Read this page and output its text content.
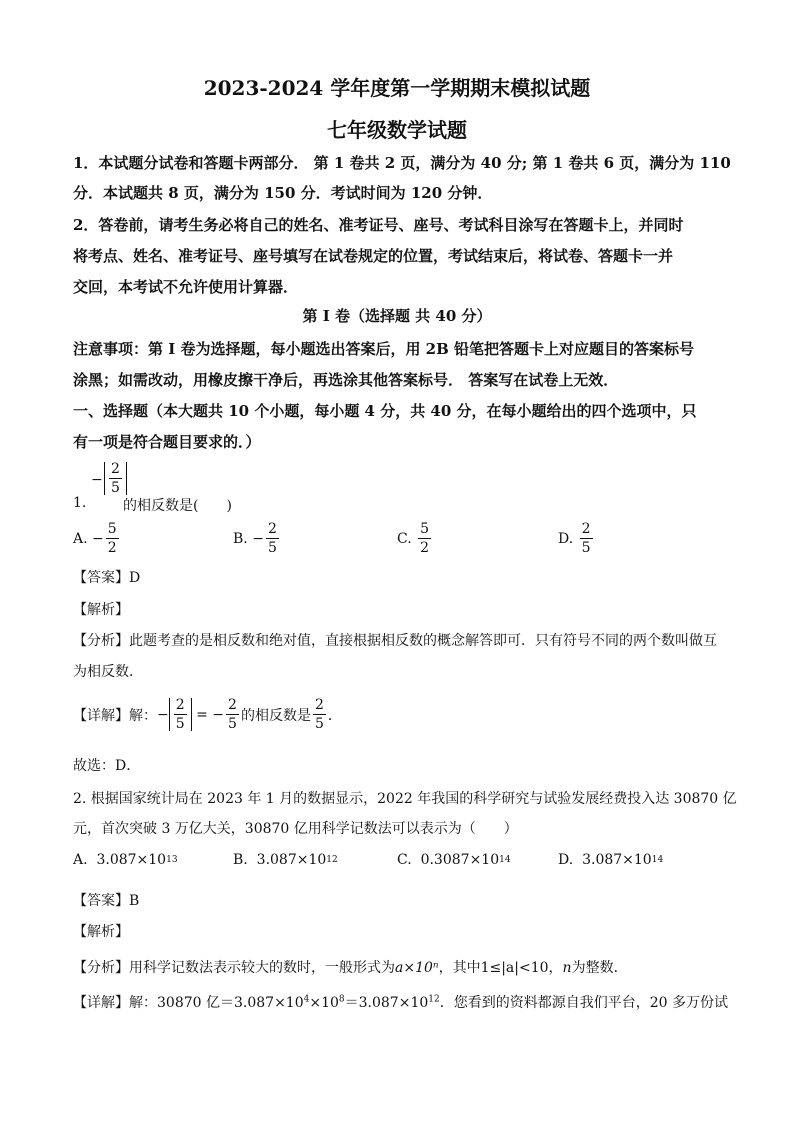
2023-2024 学年度第一学期期末模拟试题
七年级数学试题
1．本试题分试卷和答题卡两部分． 第 1 卷共 2 页，满分为 40 分; 第 1 卷共 6 页，满分为 110
分．本试题共 8 页，满分为 150 分．考试时间为 120 分钟．
2．答卷前，请考生务必将自己的姓名、准考证号、座号、考试科目涂写在答题卡上，并同时
将考点、姓名、准考证号、座号填写在试卷规定的位置，考试结束后，将试卷、答题卡一并
交回，本考试不允许使用计算器．
第 I 卷（选择题 共 40 分）
注意事项：第 I 卷为选择题，每小题选出答案后，用 2B 铅笔把答题卡上对应题目的答案标号
涂黑；如需改动，用橡皮擦干净后，再选涂其他答案标号． 答案写在试卷上无效．
一、选择题（本大题共 10 个小题，每小题 4 分，共 40 分，在每小题给出的四个选项中，只
有一项是符合题目要求的．）
1.
− $\frac{2}{5}$
的相反数是(　　)
A.
− $\frac{5}{2}$	B.
− $\frac{2}{5}$	C.
$\frac{5}{2}$	D.
$\frac{2}{5}$
【答案】D
【解析】
【分析】此题考查的是相反数和绝对值，直接根据相反数的概念解答即可．只有符号不同的两个数叫做互
为相反数．
【详解】 解： − $\frac{2}{5}$ = − $\frac{2}{5}$ 的相反数是 $\frac{2}{5}$ ．
故选：D．
2. 根据国家统计局在 2023 年 1 月的数据显示，2022 年我国的科学研究与试验发展经费投入达 30870 亿
元，首次突破 3 万亿大关，30870 亿用科学记数法可以表示为（　　）
A.
3.087×10 13	B.
3.087×10 12	C.
0.3087×10 14	D.
3.087×10 14
【答案】B
【解析】
【分析】用科学记数法表示较大的数时，一般形式为a×10ⁿ，其中1≤|a|<10，n为整数．
【详解】解：30870 亿$=3.087\times 10^4\times 10^8=3.087\times 10^{12}$．您看到的资料都源自我们平台，20 多万份试
